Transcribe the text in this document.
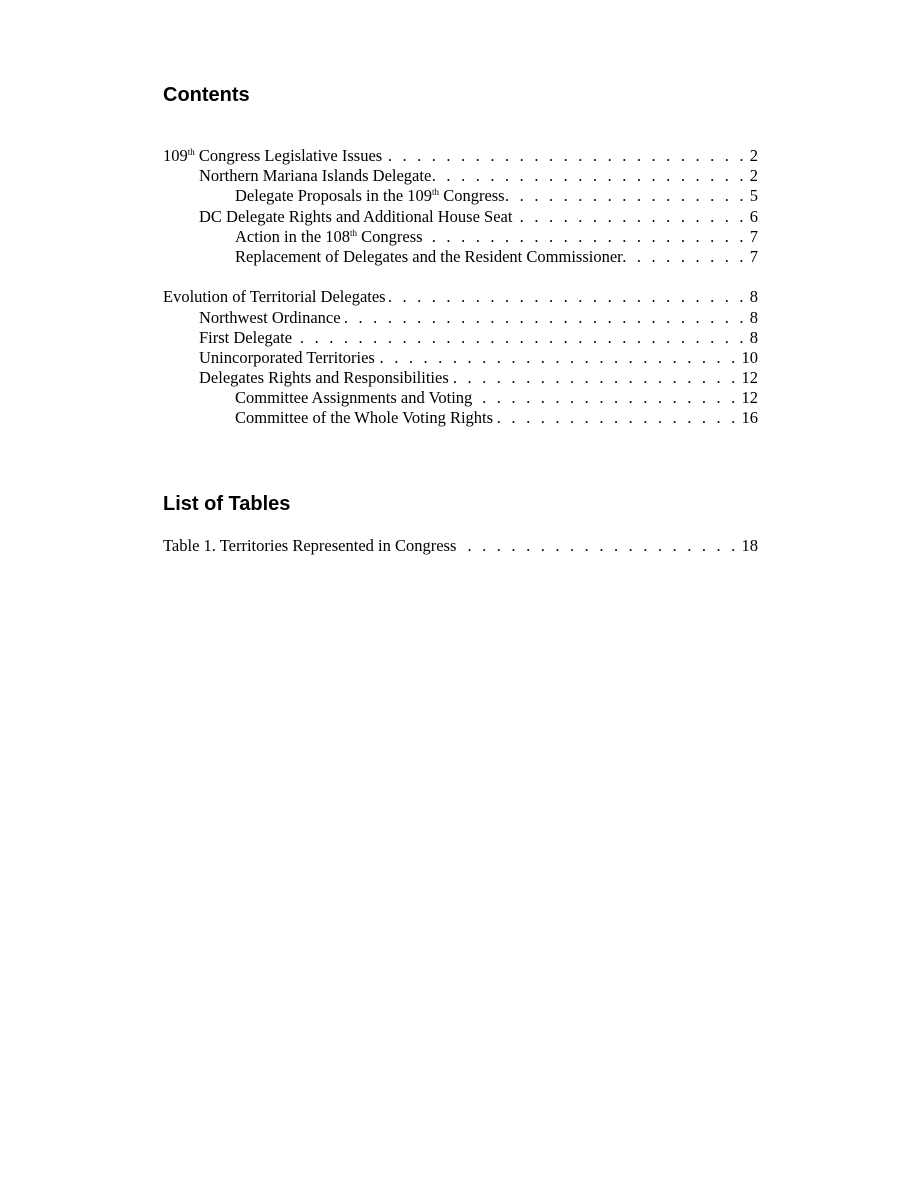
Contents
109th Congress Legislative Issues . . .	2
Northern Mariana Islands Delegate . . .	2
Delegate Proposals in the 109th Congress . . .	5
DC Delegate Rights and Additional House Seat . . .	6
Action in the 108th Congress . . .	7
Replacement of Delegates and the Resident Commissioner . . .	7
Evolution of Territorial Delegates . . .	8
Northwest Ordinance . . .	8
First Delegate . . .	8
Unincorporated Territories . . .	10
Delegates Rights and Responsibilities . . .	12
Committee Assignments and Voting . . .	12
Committee of the Whole Voting Rights . . .	16
List of Tables
Table 1. Territories Represented in Congress . . .	18
